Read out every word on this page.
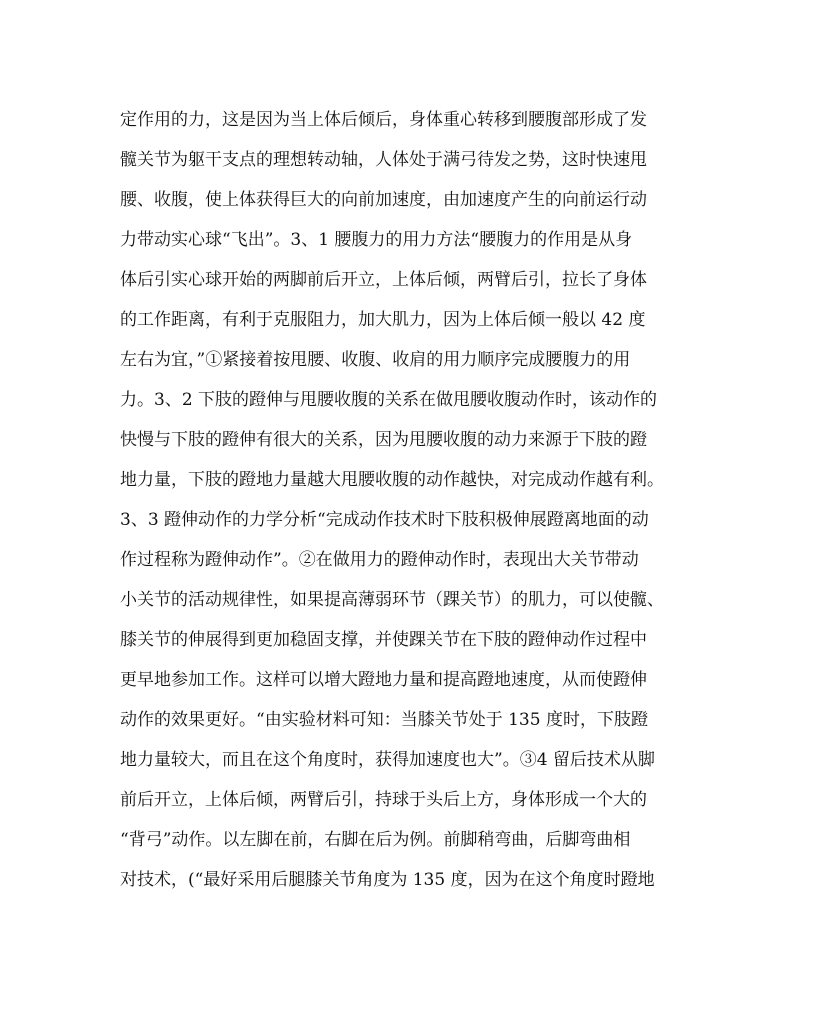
定作用的力，这是因为当上体后倾后，身体重心转移到腰腹部形成了发
髋关节为躯干支点的理想转动轴，人体处于满弓待发之势，这时快速甩
腰、收腹，使上体获得巨大的向前加速度，由加速度产生的向前运行动
力带动实心球“飞出”。3、1 腰腹力的用力方法“腰腹力的作用是从身
体后引实心球开始的两脚前后开立，上体后倾，两臂后引，拉长了身体
的工作距离，有利于克服阻力，加大肌力，因为上体后倾一般以 42 度
左右为宜，”①紧接着按甩腰、收腹、收肩的用力顺序完成腰腹力的用
力。3、2 下肢的蹬伸与甩腰收腹的关系在做甩腰收腹动作时，该动作的
快慢与下肢的蹬伸有很大的关系，因为甩腰收腹的动力来源于下肢的蹬
地力量，下肢的蹬地力量越大甩腰收腹的动作越快，对完成动作越有利。
3、3 蹬伸动作的力学分析“完成动作技术时下肢积极伸展蹬离地面的动
作过程称为蹬伸动作”。②在做用力的蹬伸动作时，表现出大关节带动
小关节的活动规律性，如果提高薄弱环节（踝关节）的肌力，可以使髋、
膝关节的伸展得到更加稳固支撑，并使踝关节在下肢的蹬伸动作过程中
更早地参加工作。这样可以增大蹬地力量和提高蹬地速度，从而使蹬伸
动作的效果更好。“由实验材料可知：当膝关节处于 135 度时，下肢蹬
地力量较大，而且在这个角度时，获得加速度也大”。③4 留后技术从脚
前后开立，上体后倾，两臂后引，持球于头后上方，身体形成一个大的
“背弓”动作。以左脚在前，右脚在后为例。前脚稍弯曲，后脚弯曲相
对技术，(“最好采用后腿膝关节角度为 135 度，因为在这个角度时蹬地
